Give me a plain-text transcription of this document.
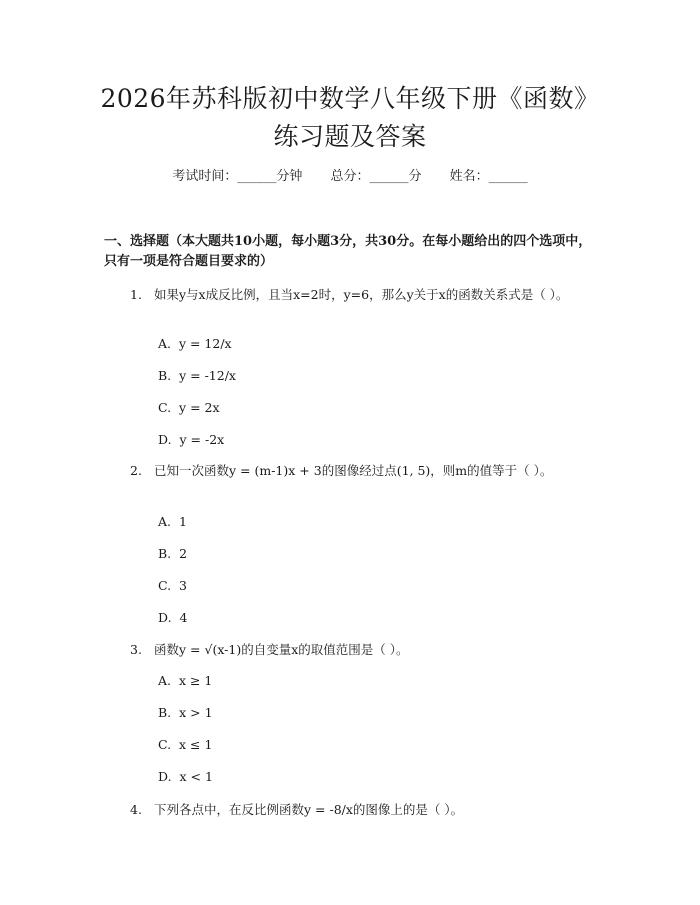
2026年苏科版初中数学八年级下册《函数》
练习题及答案
考试时间：______分钟 总分：______分 姓名：______
一、选择题（本大题共10小题，每小题3分，共30分。在每小题给出的四个选项中，只有一项是符合题目要求的）
1. 如果y与x成反比例，且当x=2时，y=6，那么y关于x的函数关系式是（ ）。
A.  y = 12/x
B.  y = -12/x
C.  y = 2x
D.  y = -2x
2. 已知一次函数y = (m-1)x + 3的图像经过点(1, 5)，则m的值等于（ ）。
A.  1
B.  2
C.  3
D.  4
3. 函数y = √(x-1)的自变量x的取值范围是（ ）。
A.  x ≥ 1
B.  x > 1
C.  x ≤ 1
D.  x < 1
4. 下列各点中，在反比例函数y = -8/x的图像上的是（ ）。
